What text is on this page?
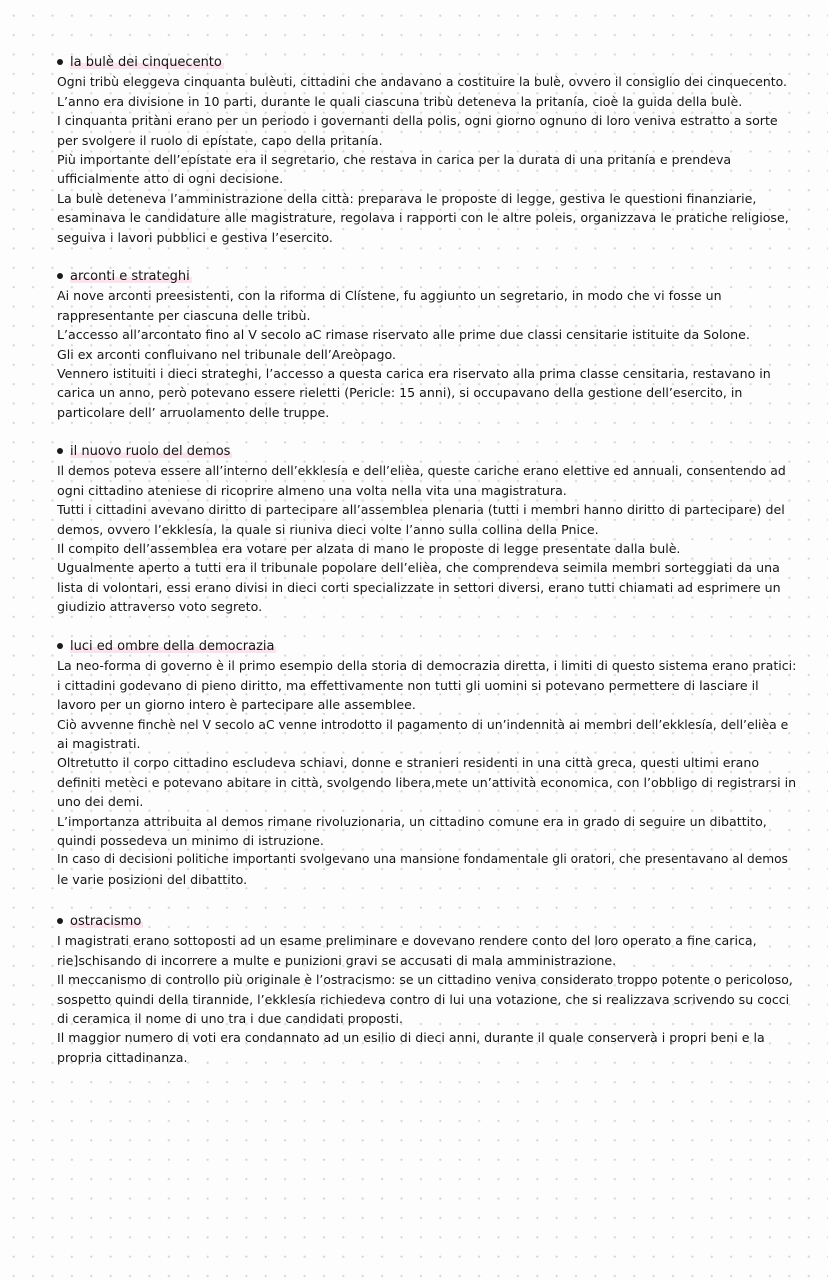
la bulè dei cinquecento
Ogni tribù eleggeva cinquanta bulèuti, cittadini che andavano a costituire la bulè, ovvero il consiglio dei cinquecento.
L’anno era divisione in 10 parti, durante le quali ciascuna tribù deteneva la pritanía, cioè la guida della bulè.
I cinquanta pritàni erano per un periodo i governanti della polis, ogni giorno ognuno di loro veniva estratto a sorte
per svolgere il ruolo di epístate, capo della pritanía.
Più importante dell’epístate era il segretario, che restava in carica per la durata di una pritanía e prendeva
ufficialmente atto di ogni decisione.
La bulè deteneva l’amministrazione della città: preparava le proposte di legge, gestiva le questioni finanziarie,
esaminava le candidature alle magistrature, regolava i rapporti con le altre poleis, organizzava le pratiche religiose,
seguiva i lavori pubblici e gestiva l’esercito.
arconti e strateghi
Ai nove arconti preesistenti, con la riforma di Clístene, fu aggiunto un segretario, in modo che vi fosse un
rappresentante per ciascuna delle tribù.
L’accesso all’arcontato fino al V secolo aC rimase riservato alle prime due classi censitarie istituite da Solone.
Gli ex arconti confluivano nel tribunale dell’Areòpago.
Vennero istituiti i dieci strateghi, l’accesso a questa carica era riservato alla prima classe censitaria, restavano in
carica un anno, però potevano essere rieletti (Pericle: 15 anni), si occupavano della gestione dell’esercito, in
particolare dell’ arruolamento delle truppe.
il nuovo ruolo del demos
Il demos poteva essere all’interno dell’ekklesía e dell’elièa, queste cariche erano elettive ed annuali, consentendo ad
ogni cittadino ateniese di ricoprire almeno una volta nella vita una magistratura.
Tutti i cittadini avevano diritto di partecipare all’assemblea plenaria (tutti i membri hanno diritto di partecipare) del
demos, ovvero l’ekklesía, la quale si riuniva dieci volte l’anno sulla collina della Pnice.
Il compito dell’assemblea era votare per alzata di mano le proposte di legge presentate dalla bulè.
Ugualmente aperto a tutti era il tribunale popolare dell’elièa, che comprendeva seimila membri sorteggiati da una
lista di volontari, essi erano divisi in dieci corti specializzate in settori diversi, erano tutti chiamati ad esprimere un
giudizio attraverso voto segreto.
luci ed ombre della democrazia
La neo-forma di governo è il primo esempio della storia di democrazia diretta, i limiti di questo sistema erano pratici:
i cittadini godevano di pieno diritto, ma effettivamente non tutti gli uomini si potevano permettere di lasciare il
lavoro per un giorno intero è partecipare alle assemblee.
Ciò avvenne finchè nel V secolo aC venne introdotto il pagamento di un’indennità ai membri dell’ekklesía, dell’elièa e
ai magistrati.
Oltretutto il corpo cittadino escludeva schiavi, donne e stranieri residenti in una città greca, questi ultimi erano
definiti metèci e potevano abitare in città, svolgendo libera,mete un’attività economica, con l’obbligo di registrarsi in
uno dei demi.
L’importanza attribuita al demos rimane rivoluzionaria, un cittadino comune era in grado di seguire un dibattito,
quindi possedeva un minimo di istruzione.
In caso di decisioni politiche importanti svolgevano una mansione fondamentale gli oratori, che presentavano al demos
le varie posizioni del dibattito.
ostracismo
I magistrati erano sottoposti ad un esame preliminare e dovevano rendere conto del loro operato a fine carica,
rie]schisando di incorrere a multe e punizioni gravi se accusati di mala amministrazione.
Il meccanismo di controllo più originale è l’ostracismo: se un cittadino veniva considerato troppo potente o pericoloso,
sospetto quindi della tirannide, l’ekklesía richiedeva contro di lui una votazione, che si realizzava scrivendo su cocci
di ceramica il nome di uno tra i due candidati proposti.
Il maggior numero di voti era condannato ad un esilio di dieci anni, durante il quale conserverà i propri beni e la
propria cittadinanza.
